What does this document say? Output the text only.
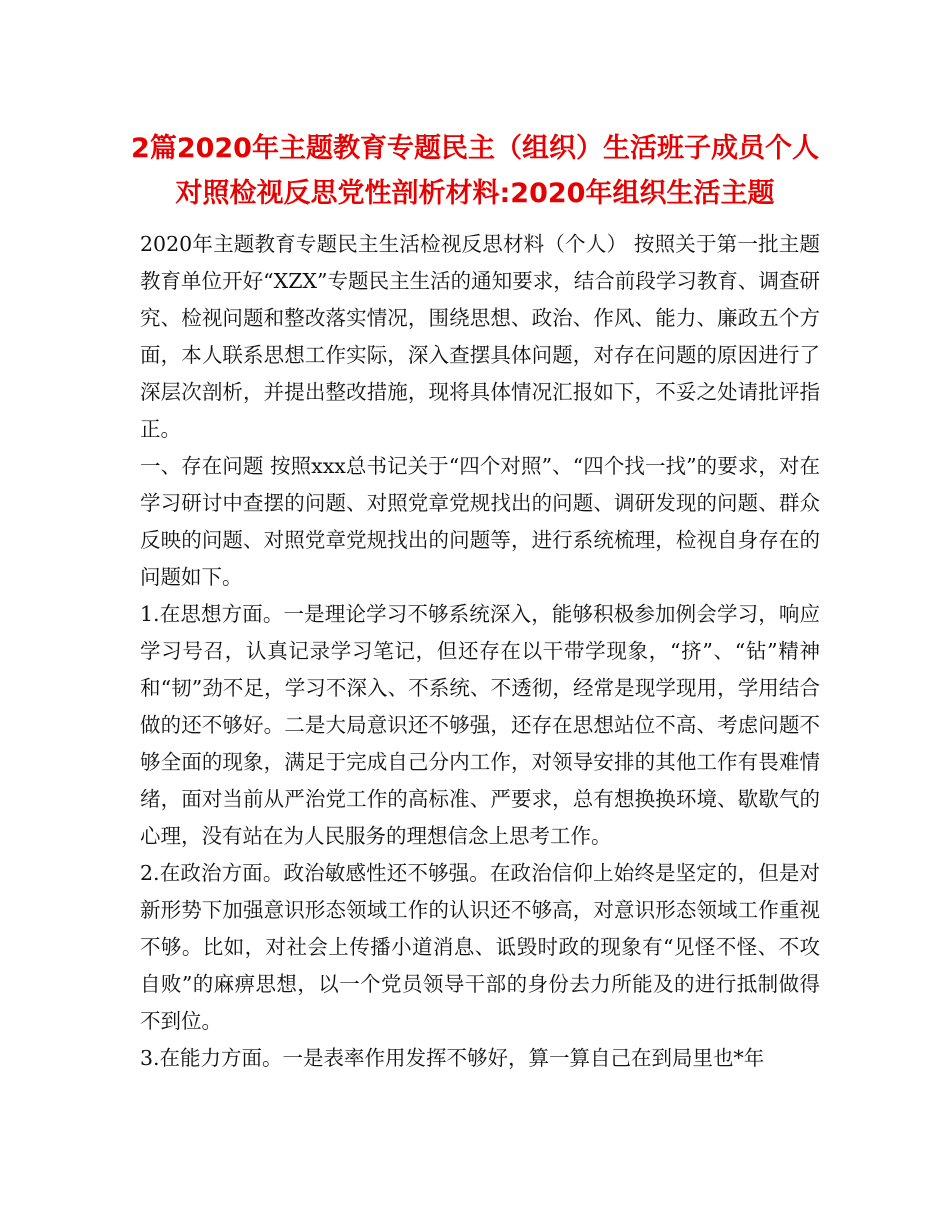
2篇2020年主题教育专题民主（组织）生活班子成员个人对照检视反思党性剖析材料:2020年组织生活主题

2020年主题教育专题民主生活检视反思材料（个人） 按照关于第一批主题教育单位开好“XZX”专题民主生活的通知要求，结合前段学习教育、调查研究、检视问题和整改落实情况，围绕思想、政治、作风、能力、廉政五个方面，本人联系思想工作实际，深入查摆具体问题，对存在问题的原因进行了深层次剖析，并提出整改措施，现将具体情况汇报如下，不妥之处请批评指正。

一、存在问题 按照xxx总书记关于“四个对照”、“四个找一找”的要求，对在学习研讨中查摆的问题、对照党章党规找出的问题、调研发现的问题、群众反映的问题、对照党章党规找出的问题等，进行系统梳理，检视自身存在的问题如下。

1.在思想方面。一是理论学习不够系统深入，能够积极参加例会学习，响应学习号召，认真记录学习笔记，但还存在以干带学现象，“挤”、“钻”精神和“韧”劲不足，学习不深入、不系统、不透彻，经常是现学现用，学用结合做的还不够好。二是大局意识还不够强，还存在思想站位不高、考虑问题不够全面的现象，满足于完成自己分内工作，对领导安排的其他工作有畏难情绪，面对当前从严治党工作的高标准、严要求，总有想换换环境、歇歇气的心理，没有站在为人民服务的理想信念上思考工作。

2.在政治方面。政治敏感性还不够强。在政治信仰上始终是坚定的，但是对新形势下加强意识形态领域工作的认识还不够高，对意识形态领域工作重视不够。比如，对社会上传播小道消息、诋毁时政的现象有“见怪不怪、不攻自败”的麻痹思想，以一个党员领导干部的身份去力所能及的进行抵制做得不到位。

3.在能力方面。一是表率作用发挥不够好，算一算自己在到局里也*年
